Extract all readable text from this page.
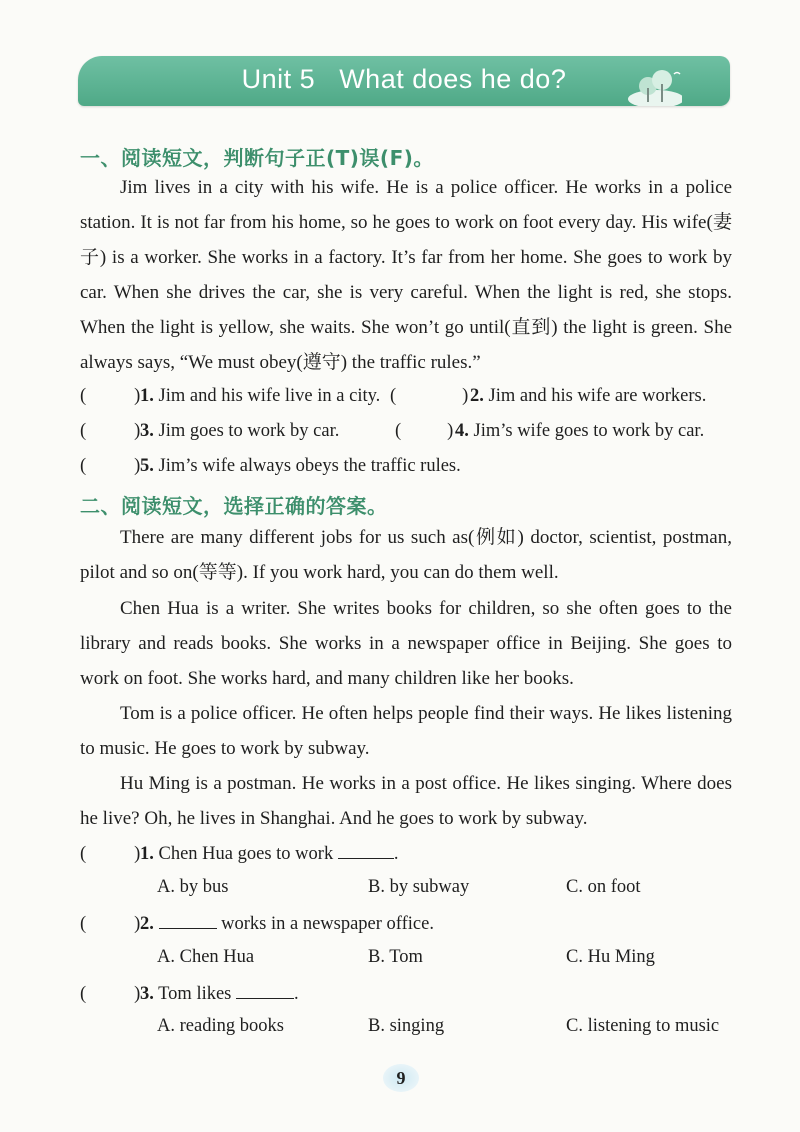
Unit 5   What does he do?
一、阅读短文，判断句子正(T)误(F)。

Jim lives in a city with his wife. He is a police officer. He works in a police station. It is not far from his home, so he goes to work on foot every day. His wife(妻子) is a worker. She works in a factory. It’s far from her home. She goes to work by car. When she drives the car, she is very careful. When the light is red, she stops. When the light is yellow, she waits. She won’t go until(直到) the light is green. She always says, “We must obey(遵守) the traffic rules.”

(	)1. Jim and his wife live in a city. (	)2. Jim and his wife are workers.
(	)3. Jim goes to work by car.	( )4. Jim’s wife goes to work by car.
(	)5. Jim’s wife always obeys the traffic rules.
二、阅读短文，选择正确的答案。

There are many different jobs for us such as(例如) doctor, scientist, postman, pilot and so on(等等). If you work hard, you can do them well.

Chen Hua is a writer. She writes books for children, so she often goes to the library and reads books. She works in a newspaper office in Beijing. She goes to work on foot. She works hard, and many children like her books.

Tom is a police officer. He often helps people find their ways. He likes listening to music. He goes to work by subway.

Hu Ming is a postman. He works in a post office. He likes singing. Where does he live? Oh, he lives in Shanghai. And he goes to work by subway.

(	)1. Chen Hua goes to work	.
A. by bus	B. by subway	C. on foot
(	)2.	works in a newspaper office.
A. Chen Hua	B. Tom	C. Hu Ming
(	)3. Tom likes	.
A. reading books	B. singing	C. listening to music
9
